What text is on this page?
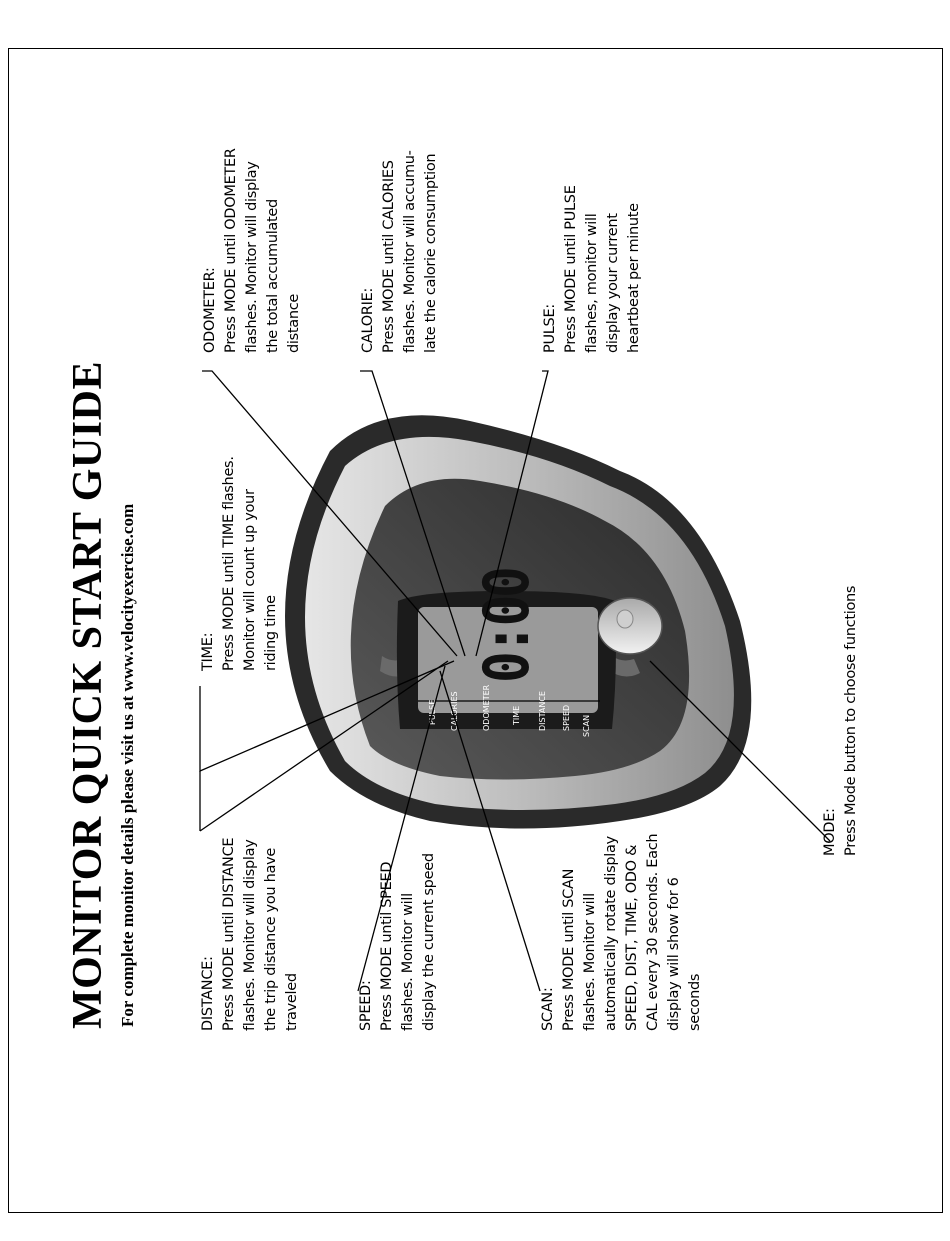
MONITOR QUICK START GUIDE For complete monitor details please visit us at www.velocityexercise.com	0:00
SCAN
SPEED
DISTANCE
TIME
ODOMETER
CALORIES
PULSE
ODOMETER: Press MODE until ODOMETER flashes. Monitor will display the total accumulated distance	CALORIE: Press MODE until CALORIES flashes. Monitor will accumu- late the calorie consumption	PULSE: Press MODE until PULSE flashes, monitor will display your current heartbeat per minute
TIME: Press MODE until TIME flashes. Monitor will count up your riding time
DISTANCE: Press MODE until DISTANCE flashes. Monitor will display the trip distance you have traveled	SPEED: Press MODE until SPEED flashes. Monitor will display the current speed	SCAN: Press MODE until SCAN flashes. Monitor will automatically rotate display SPEED, DIST, TIME, ODO & CAL every 30 seconds. Each display will show for 6 seconds
MODE: Press Mode button to choose functions
